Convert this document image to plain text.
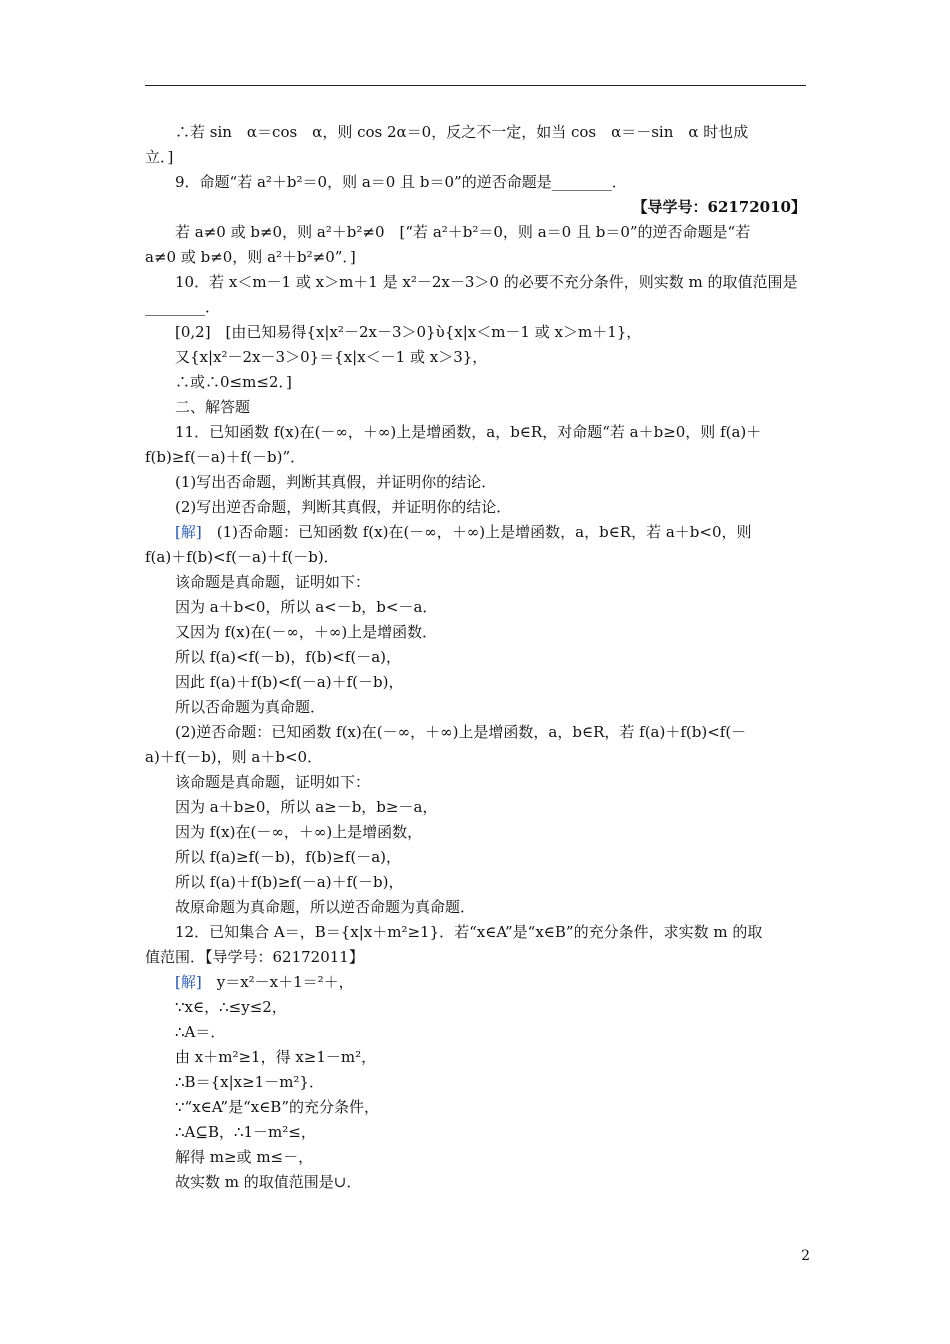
∴若 sin　α＝cos　α，则 cos 2α＝0，反之不一定，如当 cos　α＝－sin　α 时也成

立．]

9．命题“若 a²＋b²＝0，则 a＝0 且 b＝0”的逆否命题是________．

【导学号：62172010】

若 a≠0 或 b≠0，则 a²＋b²≠0　[“若 a²＋b²＝0，则 a＝0 且 b＝0”的逆否命题是“若

a≠0 或 b≠0，则 a²＋b²≠0”．]

10．若 x＜m－1 或 x＞m＋1 是 x²－2x－3＞0 的必要不充分条件，则实数 m 的取值范围是

________．

[0,2]　[由已知易得{x|x²－2x－3＞0}ὺ{x|x＜m－1 或 x＞m＋1}，

又{x|x²－2x－3＞0}＝{x|x＜－1 或 x＞3}，

∴或∴0≤m≤2．]

二、解答题

11．已知函数 f(x)在(－∞，＋∞)上是增函数，a，b∈R，对命题“若 a＋b≥0，则 f(a)＋

f(b)≥f(－a)＋f(－b)”．

(1)写出否命题，判断其真假，并证明你的结论．

(2)写出逆否命题，判断其真假，并证明你的结论．

[解]　(1)否命题：已知函数 f(x)在(－∞，＋∞)上是增函数，a，b∈R，若 a＋b<0，则

f(a)＋f(b)<f(－a)＋f(－b)．

该命题是真命题，证明如下：

因为 a＋b<0，所以 a<－b，b<－a．

又因为 f(x)在(－∞，＋∞)上是增函数．

所以 f(a)<f(－b)，f(b)<f(－a)，

因此 f(a)＋f(b)<f(－a)＋f(－b)，

所以否命题为真命题．

(2)逆否命题：已知函数 f(x)在(－∞，＋∞)上是增函数，a，b∈R，若 f(a)＋f(b)<f(－

a)＋f(－b)，则 a＋b<0．

该命题是真命题，证明如下：

因为 a＋b≥0，所以 a≥－b，b≥－a，

因为 f(x)在(－∞，＋∞)上是增函数，

所以 f(a)≥f(－b)，f(b)≥f(－a)，

所以 f(a)＋f(b)≥f(－a)＋f(－b)，

故原命题为真命题，所以逆否命题为真命题．

12．已知集合 A＝，B＝{x|x＋m²≥1}．若“x∈A”是“x∈B”的充分条件，求实数 m 的取

值范围．【导学号：62172011】

[解]　y＝x²－x＋1＝²＋，

∵x∈，∴≤y≤2，

∴A＝．

由 x＋m²≥1，得 x≥1－m²，

∴B＝{x|x≥1－m²}．

∵“x∈A”是“x∈B”的充分条件，

∴A⊆B，∴1－m²≤，

解得 m≥或 m≤－，

故实数 m 的取值范围是∪．

2
